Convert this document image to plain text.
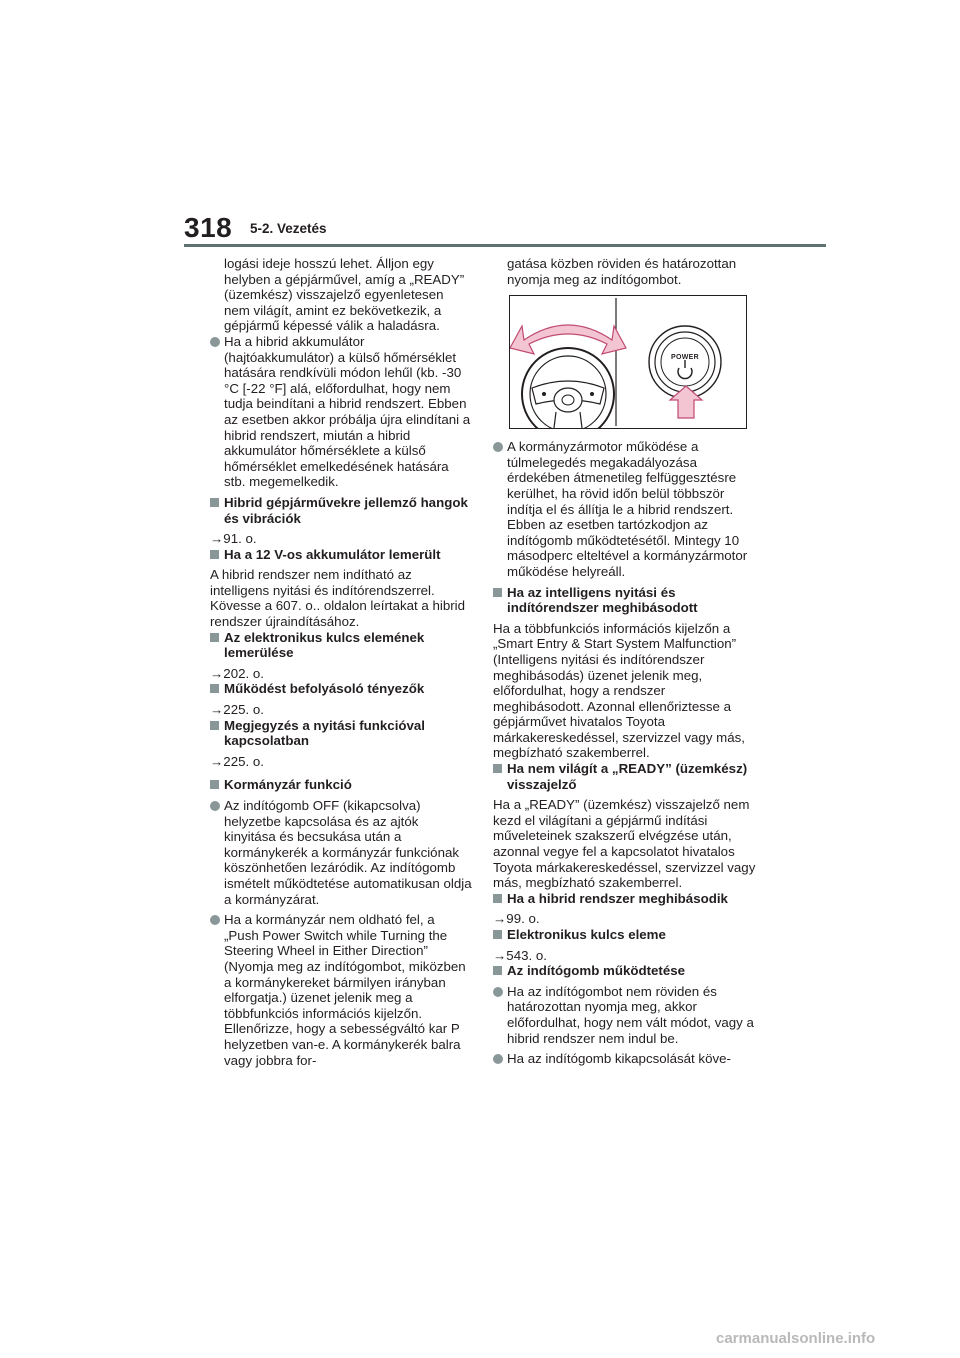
318 5-2. Vezetés

logási ideje hosszú lehet. Álljon egy helyben a gépjárművel, amíg a „READY” (üzemkész) visszajelző egyenletesen nem világít, amint ez bekövetkezik, a gépjármű képessé válik a haladásra.

Ha a hibrid akkumulátor (hajtóakkumulátor) a külső hőmérséklet hatására rendkívüli módon lehűl (kb. -30 °C [-22 °F] alá, előfordulhat, hogy nem tudja beindítani a hibrid rendszert. Ebben az esetben akkor próbálja újra elindítani a hibrid rendszert, miután a hibrid akkumulátor hőmérséklete a külső hőmérséklet emelkedésének hatására stb. megemelkedik.
Hibrid gépjárművekre jellemző hangok és vibrációk

→91. o.

Ha a 12 V-os akkumulátor lemerült

A hibrid rendszer nem indítható az intelligens nyitási és indítórendszerrel. Kövesse a 607. o.. oldalon leírtakat a hibrid rendszer újraindításához.

Az elektronikus kulcs elemének lemerülése

→202. o.

Működést befolyásoló tényezők

→225. o.

Megjegyzés a nyitási funkcióval kapcsolatban

→225. o.

Kormányzár funkció
Az indítógomb OFF (kikapcsolva) helyzetbe kapcsolása és az ajtók kinyitása és becsukása után a kormánykerék a kormányzár funkciónak köszönhetően lezáródik. Az indítógomb ismételt működtetése automatikusan oldja a kormányzárat.
Ha a kormányzár nem oldható fel, a „Push Power Switch while Turning the Steering Wheel in Either Direction” (Nyomja meg az indítógombot, miközben a kormánykereket bármilyen irányban elforgatja.) üzenet jelenik meg a többfunkciós információs kijelzőn. Ellenőrizze, hogy a sebességváltó kar P helyzetben van-e. A kormánykerék balra vagy jobbra for-

gatása közben röviden és határozottan nyomja meg az indítógombot.

POWER
A kormányzármotor működése a túlmelegedés megakadályozása érdekében átmenetileg felfüggesztésre kerülhet, ha rövid időn belül többször indítja el és állítja le a hibrid rendszert. Ebben az esetben tartózkodjon az indítógomb működtetésétől. Mintegy 10 másodperc elteltével a kormányzármotor működése helyreáll.
Ha az intelligens nyitási és indítórendszer meghibásodott

Ha a többfunkciós információs kijelzőn a „Smart Entry & Start System Malfunction” (Intelligens nyitási és indítórendszer meghibásodás) üzenet jelenik meg, előfordulhat, hogy a rendszer meghibásodott. Azonnal ellenőriztesse a gépjárművet hivatalos Toyota márkakereskedéssel, szervizzel vagy más, megbízható szakemberrel.

Ha nem világít a „READY” (üzemkész) visszajelző

Ha a „READY” (üzemkész) visszajelző nem kezd el világítani a gépjármű indítási műveleteinek szakszerű elvégzése után, azonnal vegye fel a kapcsolatot hivatalos Toyota márkakereskedéssel, szervizzel vagy más, megbízható szakemberrel.

Ha a hibrid rendszer meghibásodik

→99. o.

Elektronikus kulcs eleme

→543. o.

Az indítógomb működtetése
Ha az indítógombot nem röviden és határozottan nyomja meg, akkor előfordulhat, hogy nem vált módot, vagy a hibrid rendszer nem indul be.
Ha az indítógomb kikapcsolását köve-
carmanualsonline.info
